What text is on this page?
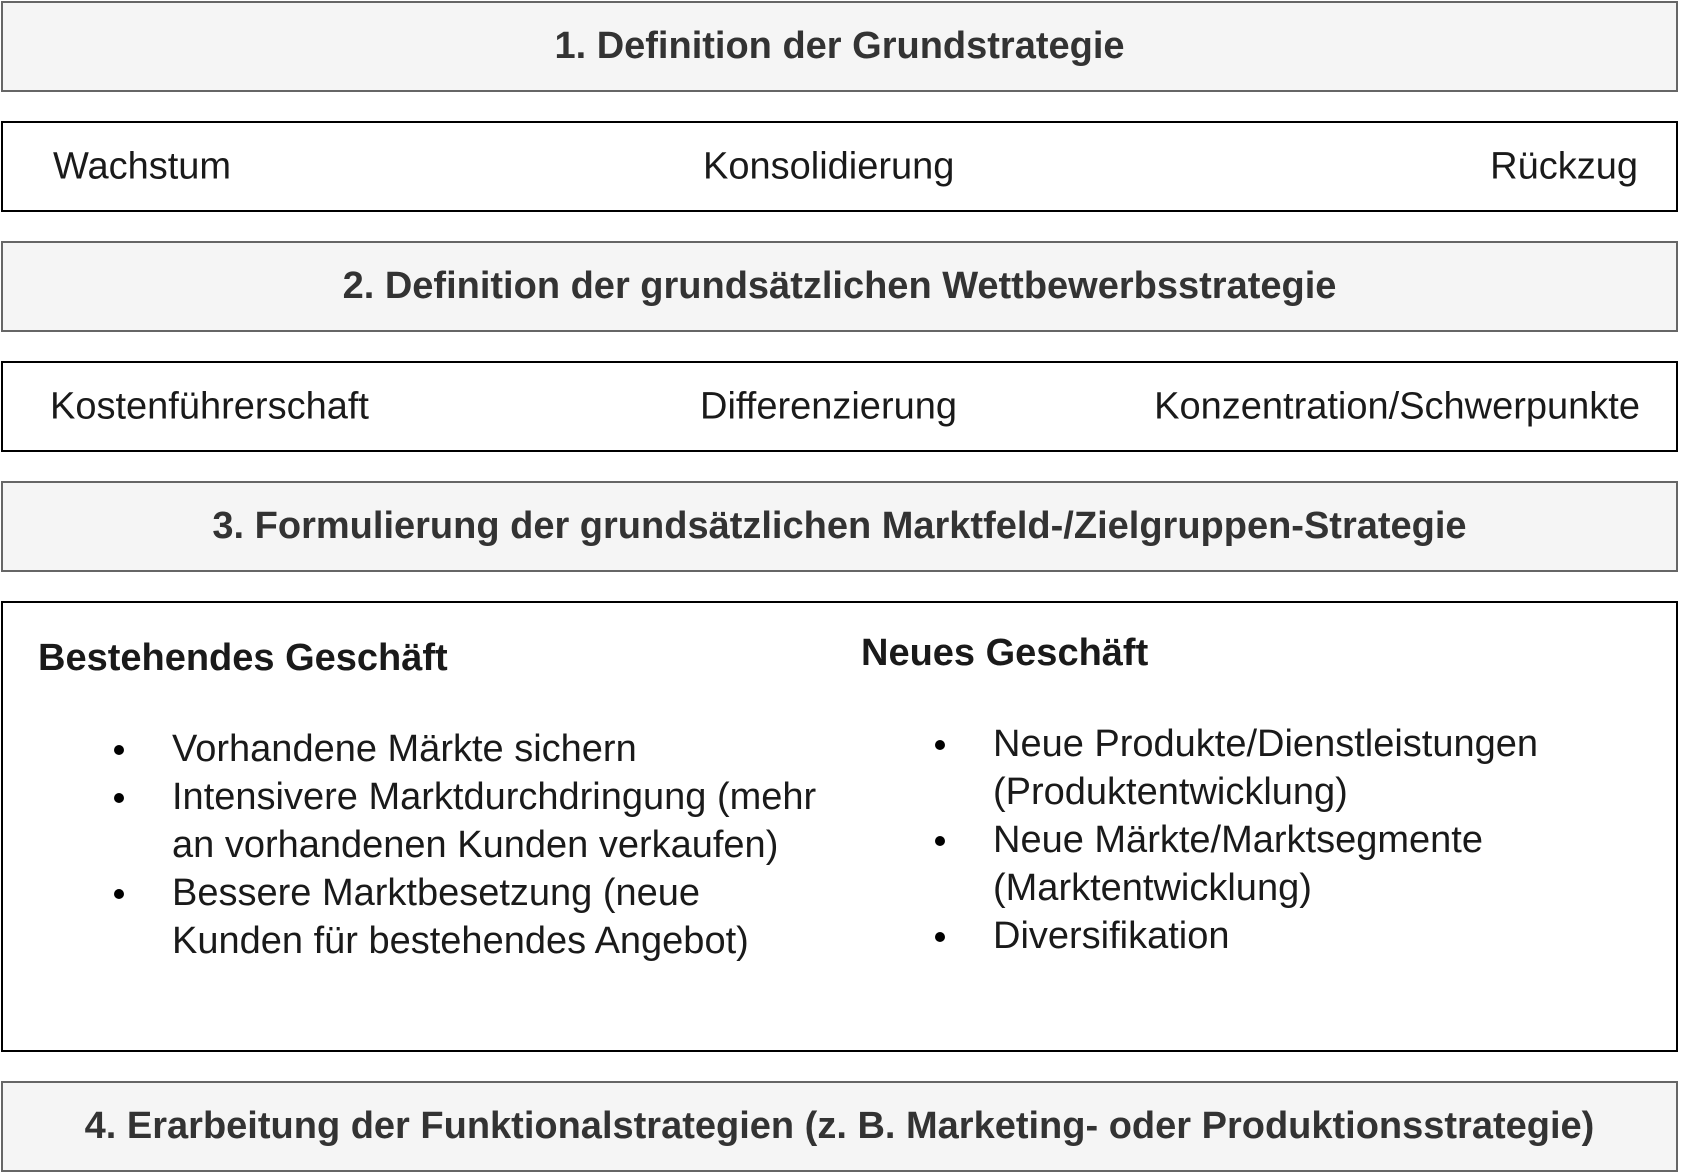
1. Definition der Grundstrategie
Wachstum	Konsolidierung	Rückzug
2. Definition der grundsätzlichen Wettbewerbsstrategie
Kostenführerschaft	Differenzierung	Konzentration/Schwerpunkte
3. Formulierung der grundsätzlichen Marktfeld-/Zielgruppen-Strategie
Bestehendes Geschäft
Vorhandene Märkte sichern
Intensivere Marktdurchdringung (mehr an vorhandenen Kunden verkaufen)
Bessere Marktbesetzung (neue Kunden für bestehendes Angebot)
Neues Geschäft
Neue Produkte/Dienstleistungen (Produktentwicklung)
Neue Märkte/Marktsegmente (Marktentwicklung)
Diversifikation
4. Erarbeitung der Funktionalstrategien (z. B. Marketing- oder Produktionsstrategie)
